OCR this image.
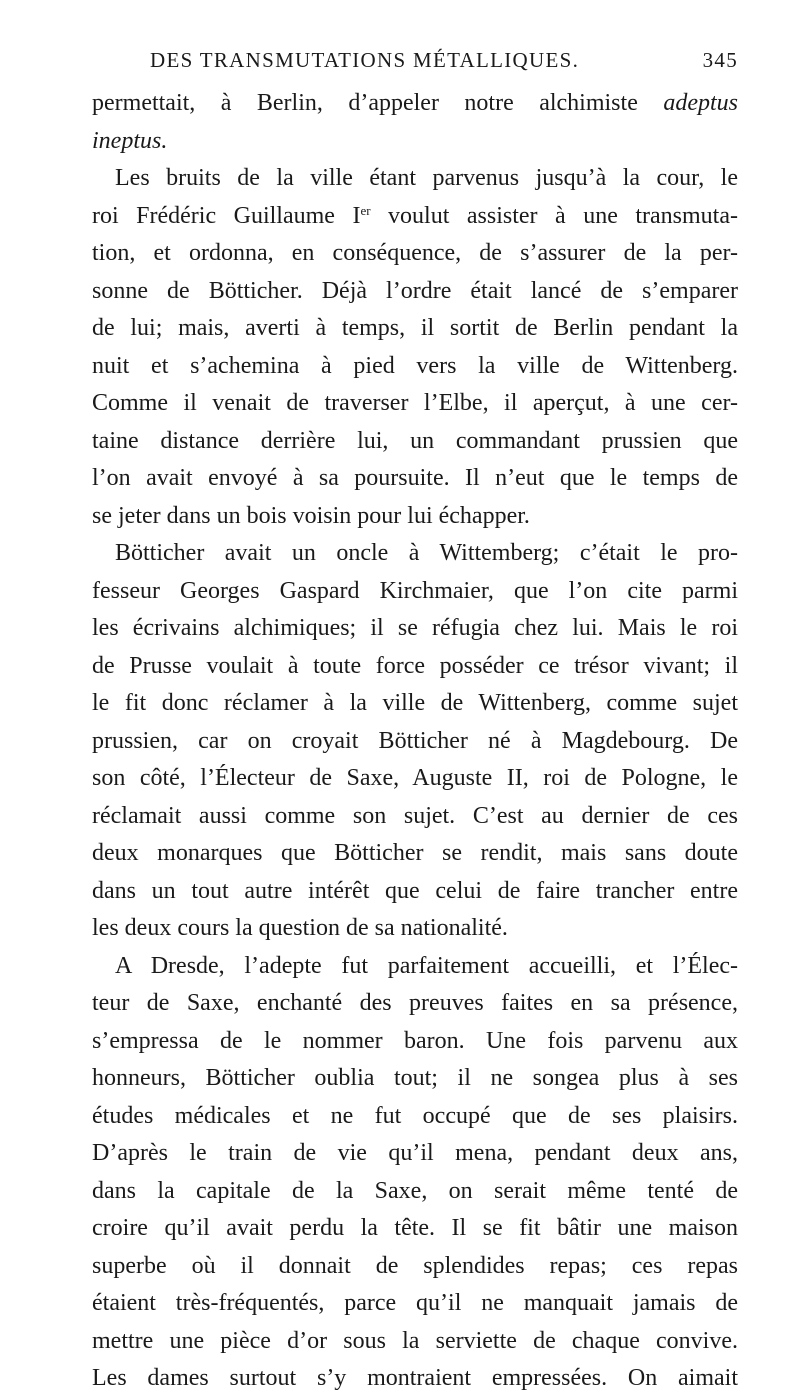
DES TRANSMUTATIONS MÉTALLIQUES.	345
permettait, à Berlin, d’appeler notre alchimiste adeptus
ineptus.
Les bruits de la ville étant parvenus jusqu’à la cour, le
roi Frédéric Guillaume Ier voulut assister à une transmuta-
tion, et ordonna, en conséquence, de s’assurer de la per-
sonne de Bötticher. Déjà l’ordre était lancé de s’emparer
de lui; mais, averti à temps, il sortit de Berlin pendant la
nuit et s’achemina à pied vers la ville de Wittenberg.
Comme il venait de traverser l’Elbe, il aperçut, à une cer-
taine distance derrière lui, un commandant prussien que
l’on avait envoyé à sa poursuite. Il n’eut que le temps de
se jeter dans un bois voisin pour lui échapper.
Bötticher avait un oncle à Wittemberg; c’était le pro-
fesseur Georges Gaspard Kirchmaier, que l’on cite parmi
les écrivains alchimiques; il se réfugia chez lui. Mais le roi
de Prusse voulait à toute force posséder ce trésor vivant; il
le fit donc réclamer à la ville de Wittenberg, comme sujet
prussien, car on croyait Bötticher né à Magdebourg. De
son côté, l’Électeur de Saxe, Auguste II, roi de Pologne, le
réclamait aussi comme son sujet. C’est au dernier de ces
deux monarques que Bötticher se rendit, mais sans doute
dans un tout autre intérêt que celui de faire trancher entre
les deux cours la question de sa nationalité.
A Dresde, l’adepte fut parfaitement accueilli, et l’Élec-
teur de Saxe, enchanté des preuves faites en sa présence,
s’empressa de le nommer baron. Une fois parvenu aux
honneurs, Bötticher oublia tout; il ne songea plus à ses
études médicales et ne fut occupé que de ses plaisirs.
D’après le train de vie qu’il mena, pendant deux ans,
dans la capitale de la Saxe, on serait même tenté de
croire qu’il avait perdu la tête. Il se fit bâtir une maison
superbe où il donnait de splendides repas; ces repas
étaient très-fréquentés, parce qu’il ne manquait jamais de
mettre une pièce d’or sous la serviette de chaque convive.
Les dames surtout s’y montraient empressées. On aimait
